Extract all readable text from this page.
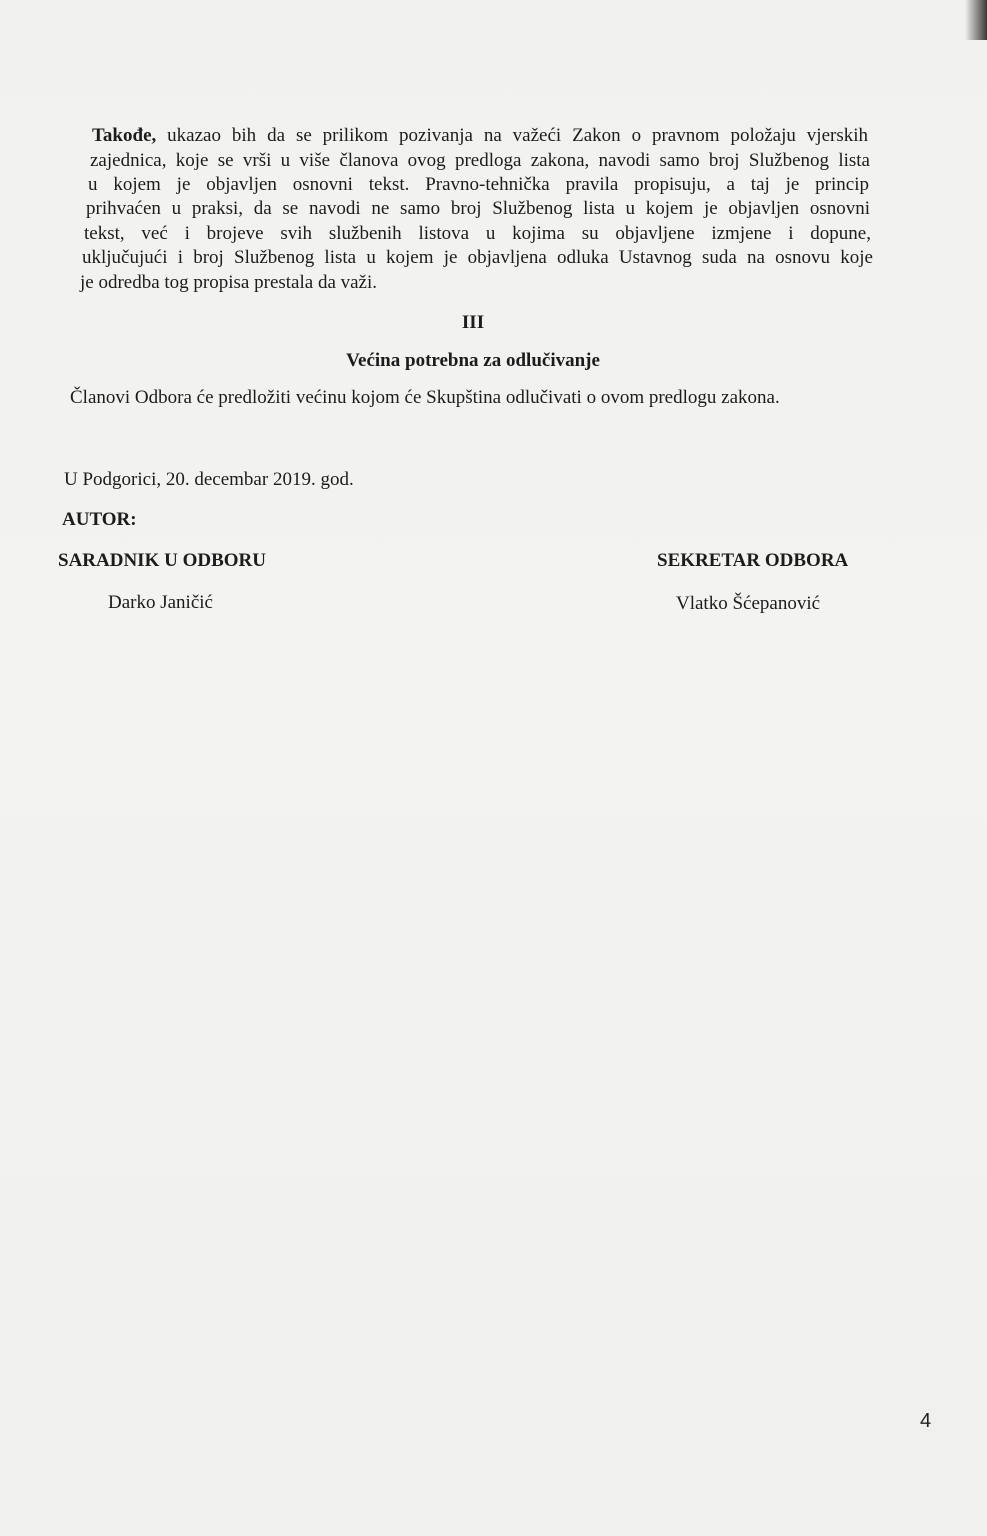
Takođe, ukazao bih da se prilikom pozivanja na važeći Zakon o pravnom položaju vjerskih
zajednica, koje se vrši u više članova ovog predloga zakona, navodi samo broj Službenog lista
u kojem je objavljen osnovni tekst. Pravno-tehnička pravila propisuju, a taj je princip
prihvaćen u praksi, da se navodi ne samo broj Službenog lista u kojem je objavljen osnovni
tekst, već i brojeve svih službenih listova u kojima su objavljene izmjene i dopune,
uključujući i broj Službenog lista u kojem je objavljena odluka Ustavnog suda na osnovu koje
je odredba tog propisa prestala da važi.
III
Većina potrebna za odlučivanje
Članovi Odbora će predložiti većinu kojom će Skupština odlučivati o ovom predlogu zakona.
U Podgorici, 20. decembar 2019. god.
AUTOR:
SARADNIK U ODBORU
Darko Janičić
SEKRETAR ODBORA
Vlatko Šćepanović
4
